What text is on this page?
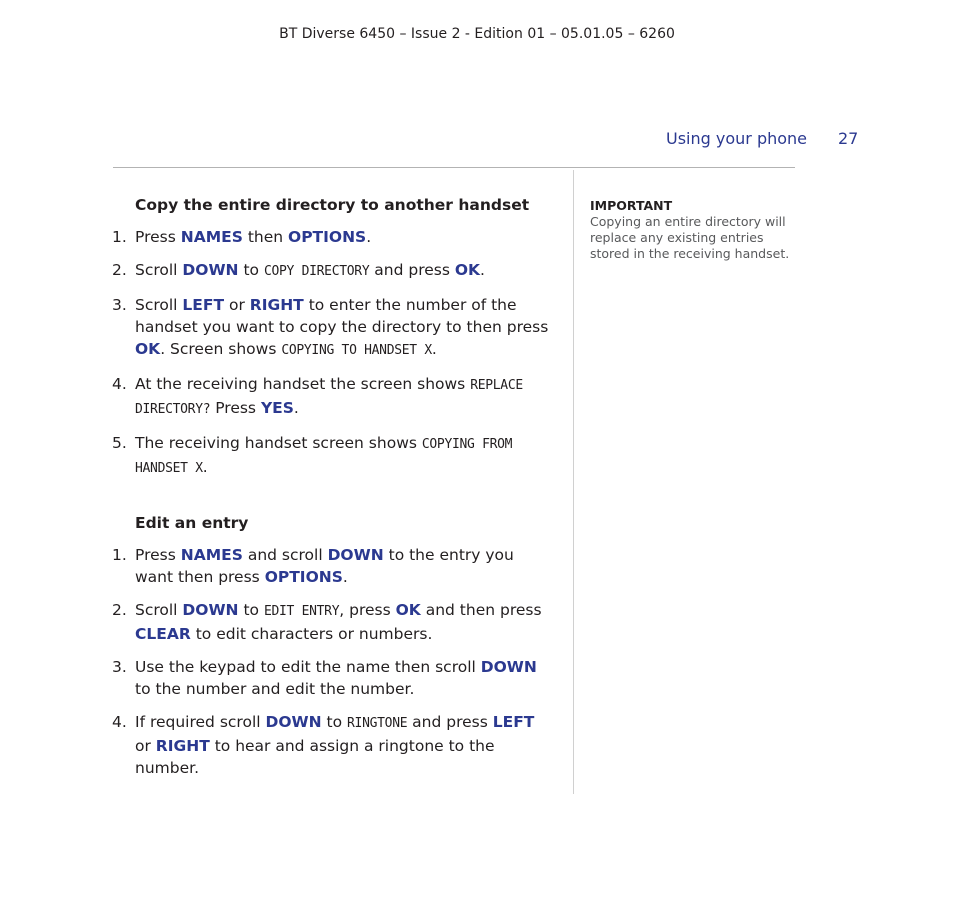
BT Diverse 6450 – Issue 2 - Edition 01 – 05.01.05 – 6260
Using your phone 27
Copy the entire directory to another handset
1. Press NAMES then OPTIONS.
2. Scroll DOWN to COPY DIRECTORY and press OK.
3. Scroll LEFT or RIGHT to enter the number of the handset you want to copy the directory to then press OK. Screen shows COPYING TO HANDSET X.
4. At the receiving handset the screen shows REPLACE DIRECTORY? Press YES.
5. The receiving handset screen shows COPYING FROM HANDSET X.
Edit an entry
1. Press NAMES and scroll DOWN to the entry you want then press OPTIONS.
2. Scroll DOWN to EDIT ENTRY, press OK and then press CLEAR to edit characters or numbers.
3. Use the keypad to edit the name then scroll DOWN to the number and edit the number.
4. If required scroll DOWN to RINGTONE and press LEFT or RIGHT to hear and assign a ringtone to the number.
IMPORTANT
Copying an entire directory will replace any existing entries stored in the receiving handset.
